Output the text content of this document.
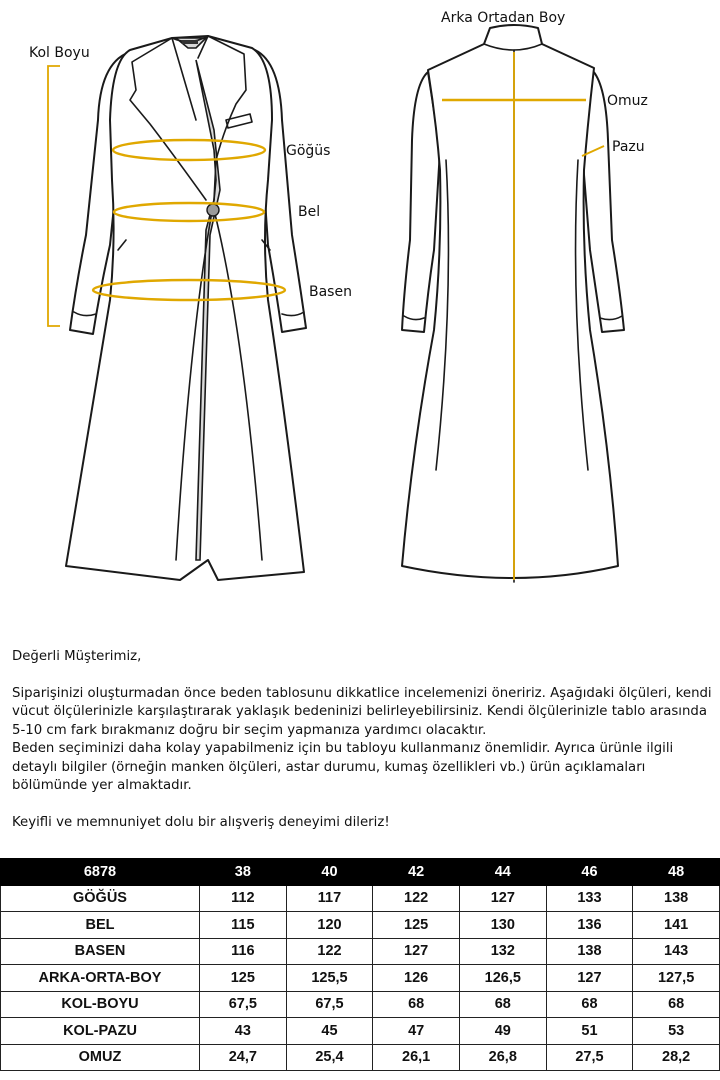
Kol Boyu
Göğüs
Bel
Basen
Arka Ortadan Boy
Omuz
Pazu

Değerli Müşterimiz,

Siparişinizi oluşturmadan önce beden tablosunu dikkatlice incelemenizi öneririz. Aşağıdaki ölçüleri, kendi vücut ölçülerinizle karşılaştırarak yaklaşık bedeninizi belirleyebilirsiniz. Kendi ölçülerinizle tablo arasında 5-10 cm fark bırakmanız doğru bir seçim yapmanıza yardımcı olacaktır.

Beden seçiminizi daha kolay yapabilmeniz için bu tabloyu kullanmanız önemlidir. Ayrıca ürünle ilgili detaylı bilgiler (örneğin manken ölçüleri, astar durumu, kumaş özellikleri vb.) ürün açıklamaları bölümünde yer almaktadır.

Keyifli ve memnuniyet dolu bir alışveriş deneyimi dileriz!

6878	38	40	42	44	46	48
GÖĞÜS	112	117	122	127	133	138
BEL	115	120	125	130	136	141
BASEN	116	122	127	132	138	143
ARKA-ORTA-BOY	125	125,5	126	126,5	127	127,5
KOL-BOYU	67,5	67,5	68	68	68	68
KOL-PAZU	43	45	47	49	51	53
OMUZ	24,7	25,4	26,1	26,8	27,5	28,2
